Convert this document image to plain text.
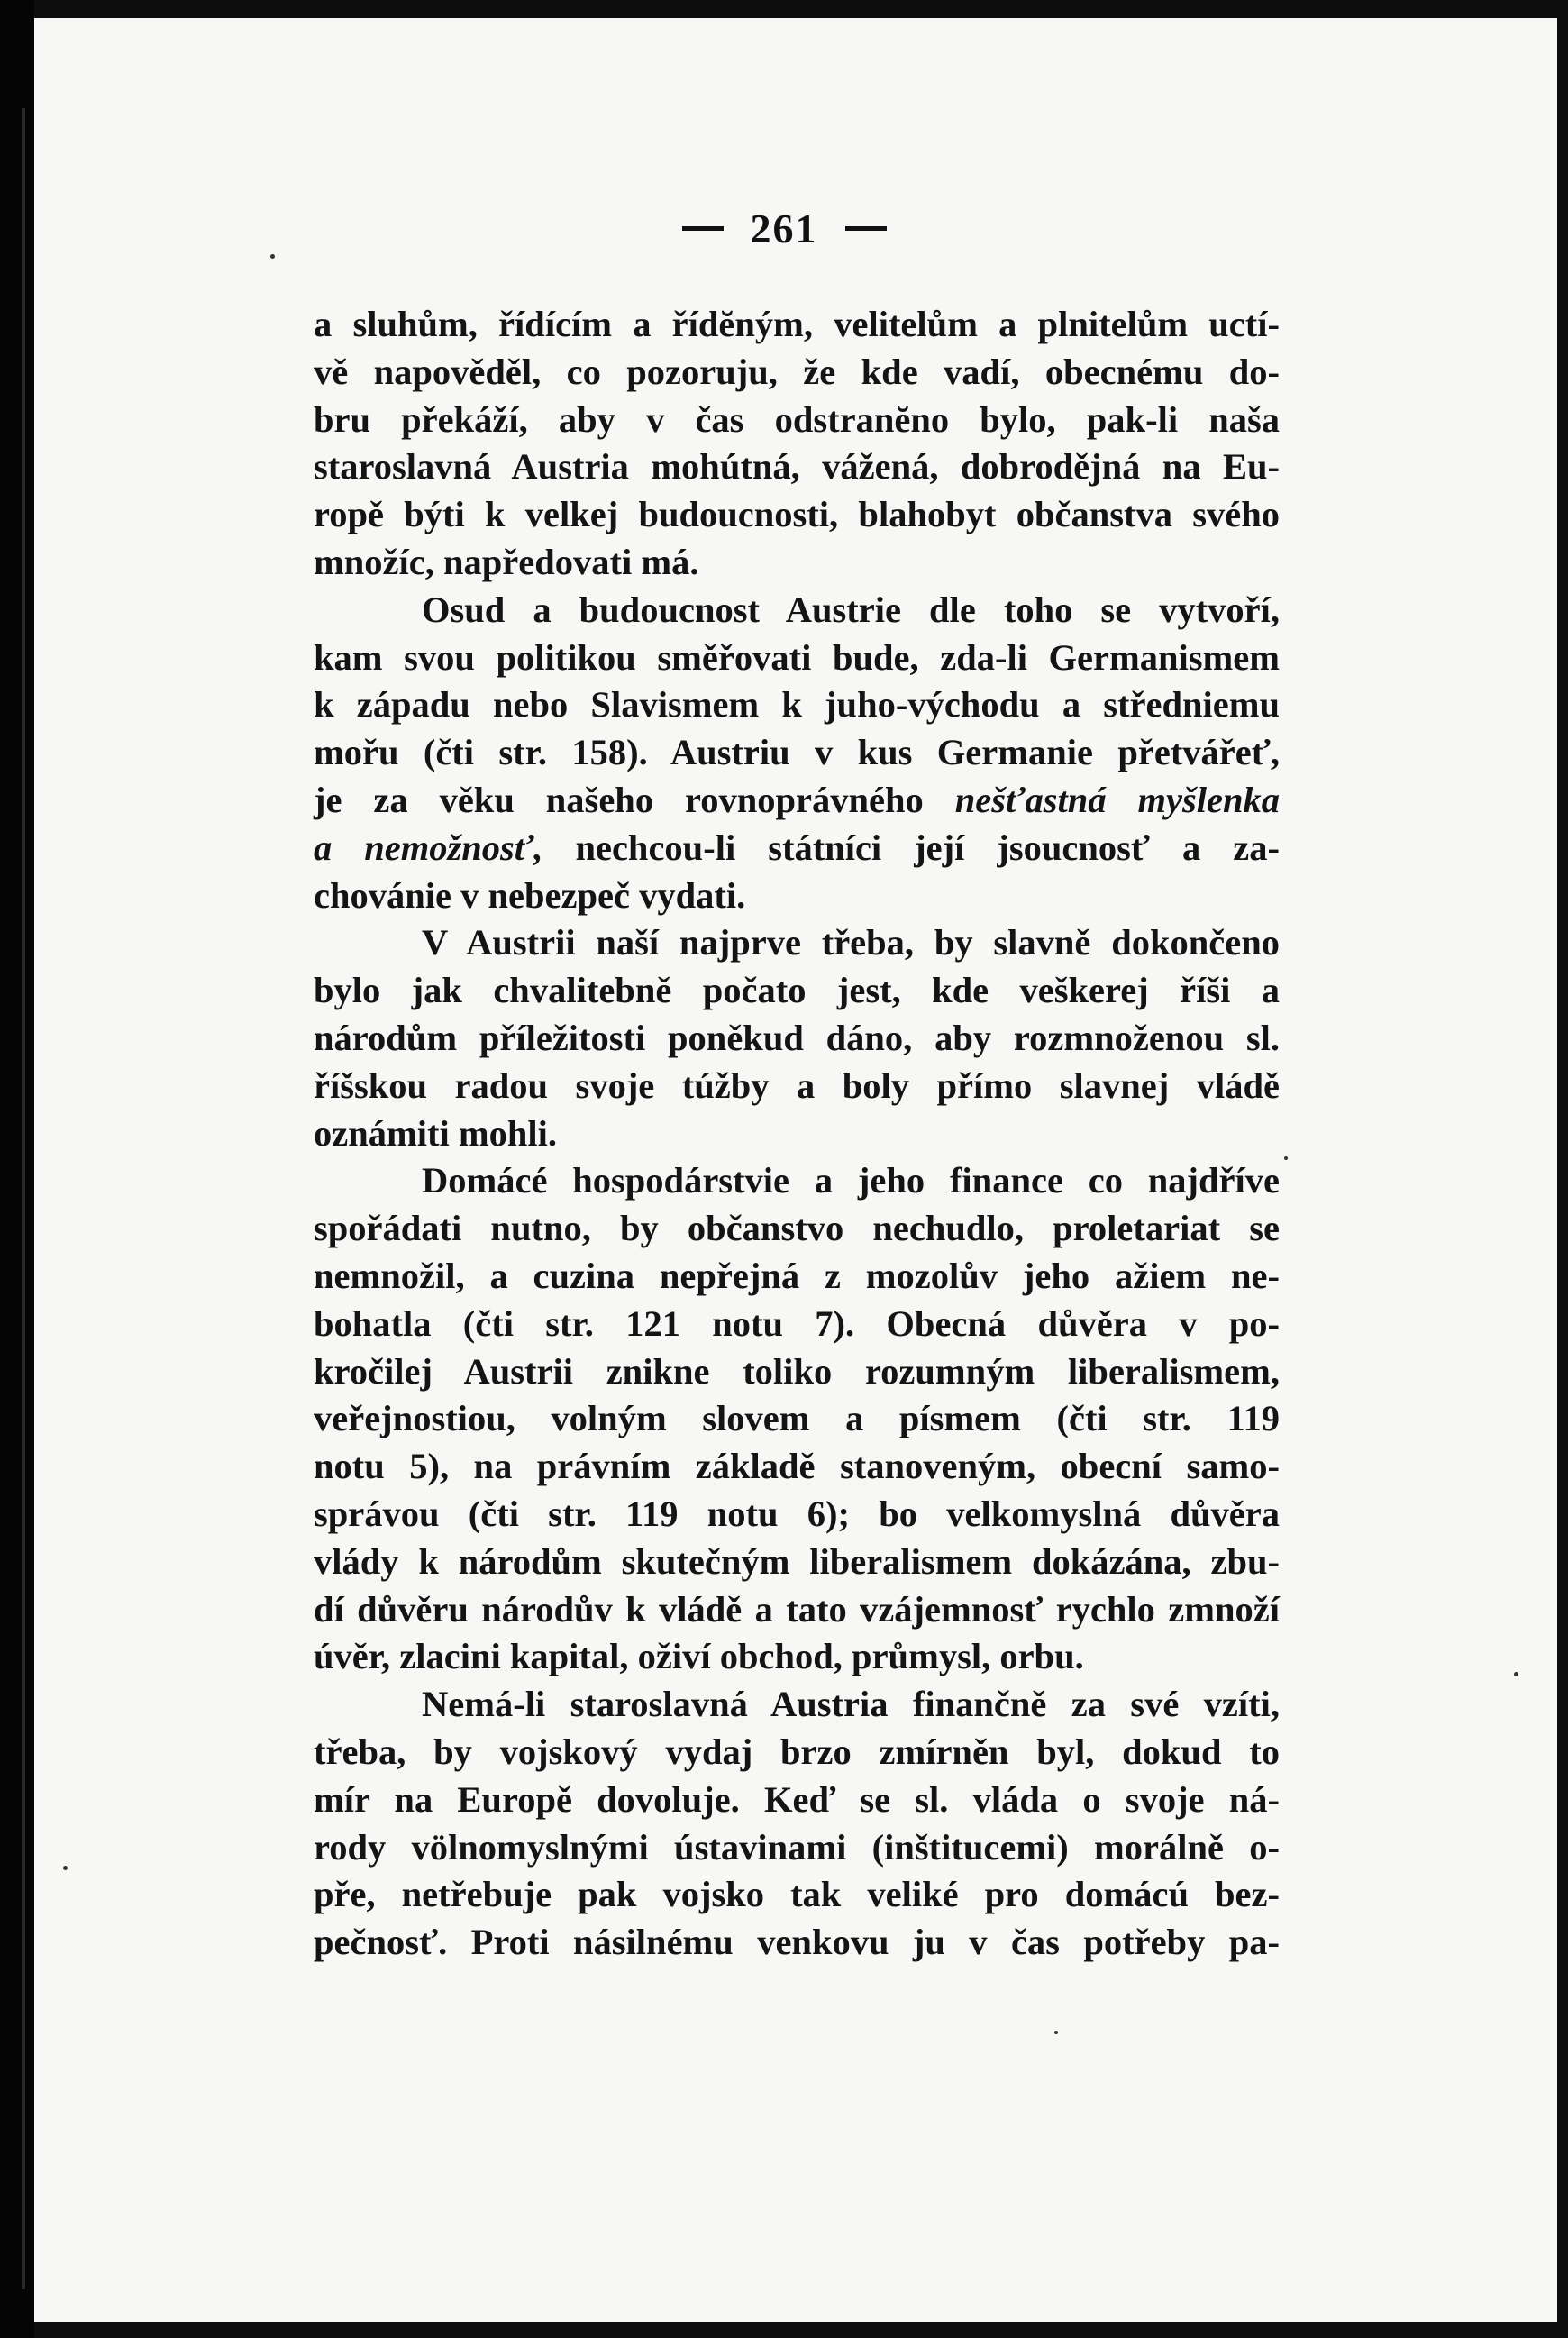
261
a sluhům, řídícím a řídĕným, velitelům a plnitelům uctí-
vě napověděl, co pozoruju, že kde vadí, obecnému do-
bru překáží, aby v čas odstranĕno bylo, pak-li naša
staroslavná Austria mohútná, vážená, dobrodějná na Eu-
ropě býti k velkej budoucnosti, blahobyt občanstva svého
množíc, napředovati má.
Osud a budoucnost Austrie dle toho se vytvoří,
kam svou politikou směřovati bude, zda-li Germanismem
k západu nebo Slavismem k juho-východu a středniemu
mořu (čti str. 158). Austriu v kus Germanie přetvářeť,
je za věku našeho rovnoprávného nešťastná myšlenka
a nemožnosť, nechcou-li státníci její jsoucnosť a za-
chovánie v nebezpeč vydati.
V Austrii naší najprve třeba, by slavně dokončeno
bylo jak chvalitebně počato jest, kde veškerej říši a
národům příležitosti poněkud dáno, aby rozmnoženou sl.
říšskou radou svoje túžby a boly přímo slavnej vládě
oznámiti mohli.
Domácé hospodárstvie a jeho finance co najdříve
spořádati nutno, by občanstvo nechudlo, proletariat se
nemnožil, a cuzina nepřejná z mozolův jeho ažiem ne-
bohatla (čti str. 121 notu 7). Obecná důvěra v po-
kročilej Austrii znikne toliko rozumným liberalismem,
veřejnostiou, volným slovem a písmem (čti str. 119
notu 5), na právním základě stanoveným, obecní samo-
správou (čti str. 119 notu 6); bo velkomyslná důvěra
vlády k národům skutečným liberalismem dokázána, zbu-
dí důvěru národův k vládě a tato vzájemnosť rychlo zmnoží
úvěr, zlacini kapital, oživí obchod, průmysl, orbu.
Nemá-li staroslavná Austria finančně za své vzíti,
třeba, by vojskový vydaj brzo zmírněn byl, dokud to
mír na Europě dovoluje. Keď se sl. vláda o svoje ná-
rody völnomyslnými ústavinami (inštitucemi) morálně o-
pře, netřebuje pak vojsko tak veliké pro domácú bez-
pečnosť. Proti násilnému venkovu ju v čas potřeby pa-
